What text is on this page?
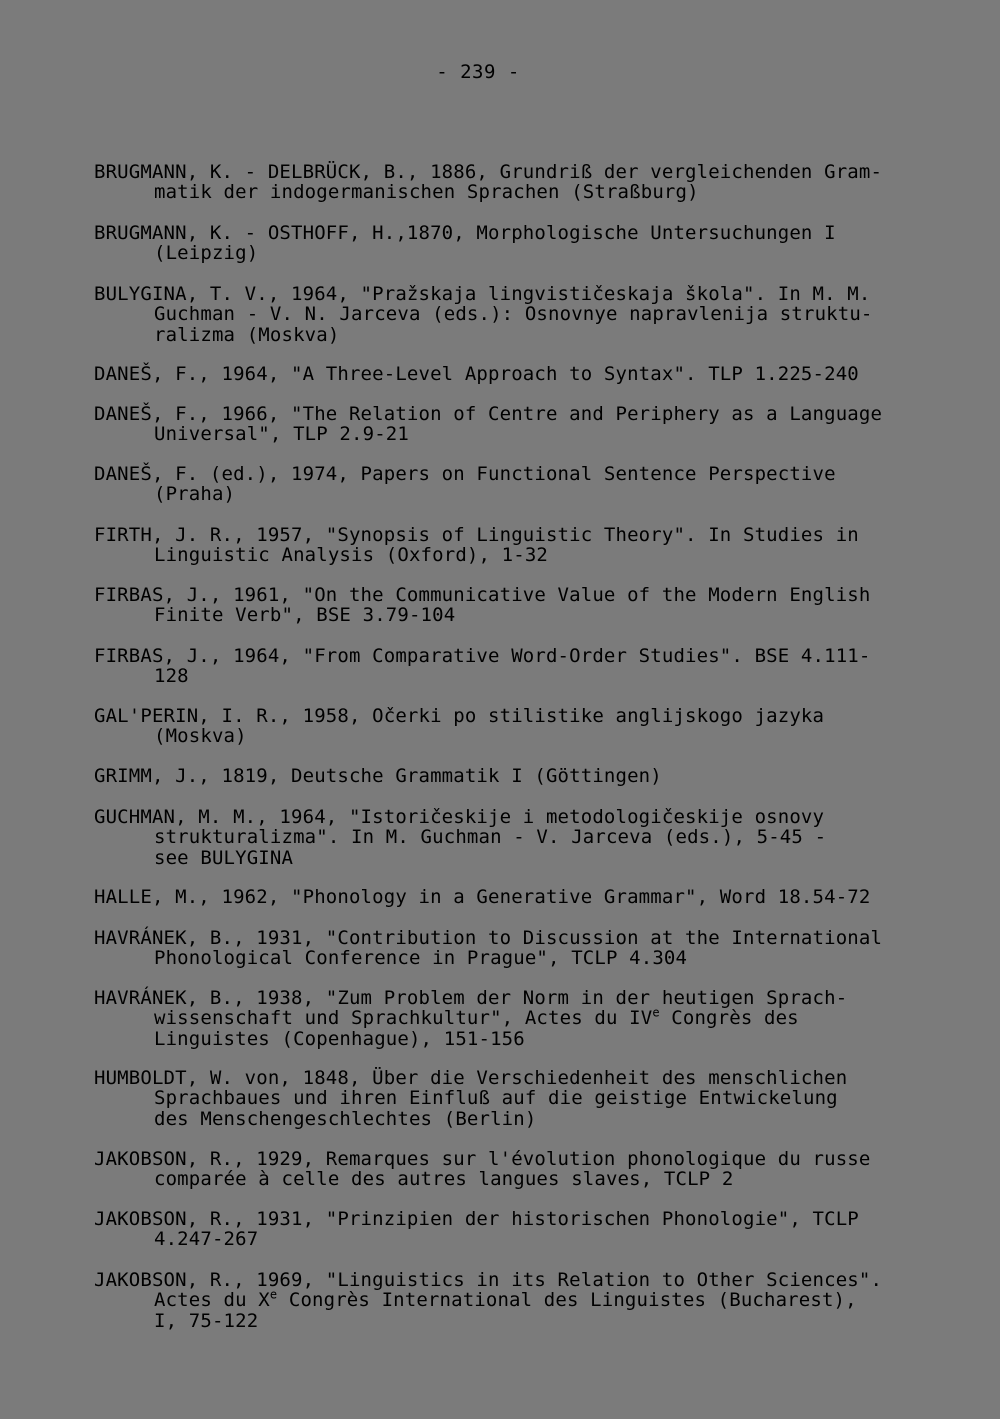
- 239 -
BRUGMANN, K. - DELBRÜCK, B., 1886, Grundriß der vergleichenden Gram-
matik der indogermanischen Sprachen (Straßburg)
BRUGMANN, K. - OSTHOFF, H.,1870, Morphologische Untersuchungen I
(Leipzig)
BULYGINA, T. V., 1964, "Pražskaja lingvističeskaja škola". In M. M.
Guchman - V. N. Jarceva (eds.): Osnovnye napravlenija struktu-
ralizma (Moskva)
DANEŠ, F., 1964, "A Three-Level Approach to Syntax". TLP 1.225-240
DANEŠ, F., 1966, "The Relation of Centre and Periphery as a Language
Universal", TLP 2.9-21
DANEŠ, F. (ed.), 1974, Papers on Functional Sentence Perspective
(Praha)
FIRTH, J. R., 1957, "Synopsis of Linguistic Theory". In Studies in
Linguistic Analysis (Oxford), 1-32
FIRBAS, J., 1961, "On the Communicative Value of the Modern English
Finite Verb", BSE 3.79-104
FIRBAS, J., 1964, "From Comparative Word-Order Studies". BSE 4.111-
128
GAL'PERIN, I. R., 1958, Očerki po stilistike anglijskogo jazyka
(Moskva)
GRIMM, J., 1819, Deutsche Grammatik I (Göttingen)
GUCHMAN, M. M., 1964, "Istoričeskije i metodologičeskije osnovy
strukturalizma". In M. Guchman - V. Jarceva (eds.), 5-45 -
see BULYGINA
HALLE, M., 1962, "Phonology in a Generative Grammar", Word 18.54-72
HAVRÁNEK, B., 1931, "Contribution to Discussion at the International
Phonological Conference in Prague", TCLP 4.304
HAVRÁNEK, B., 1938, "Zum Problem der Norm in der heutigen Sprach-
wissenschaft und Sprachkultur", Actes du IVe Congrès des
Linguistes (Copenhague), 151-156
HUMBOLDT, W. von, 1848, Über die Verschiedenheit des menschlichen
Sprachbaues und ihren Einfluß auf die geistige Entwickelung
des Menschengeschlechtes (Berlin)
JAKOBSON, R., 1929, Remarques sur l'évolution phonologique du russe
comparée à celle des autres langues slaves, TCLP 2
JAKOBSON, R., 1931, "Prinzipien der historischen Phonologie", TCLP
4.247-267
JAKOBSON, R., 1969, "Linguistics in its Relation to Other Sciences".
Actes du Xe Congrès International des Linguistes (Bucharest),
I, 75-122
